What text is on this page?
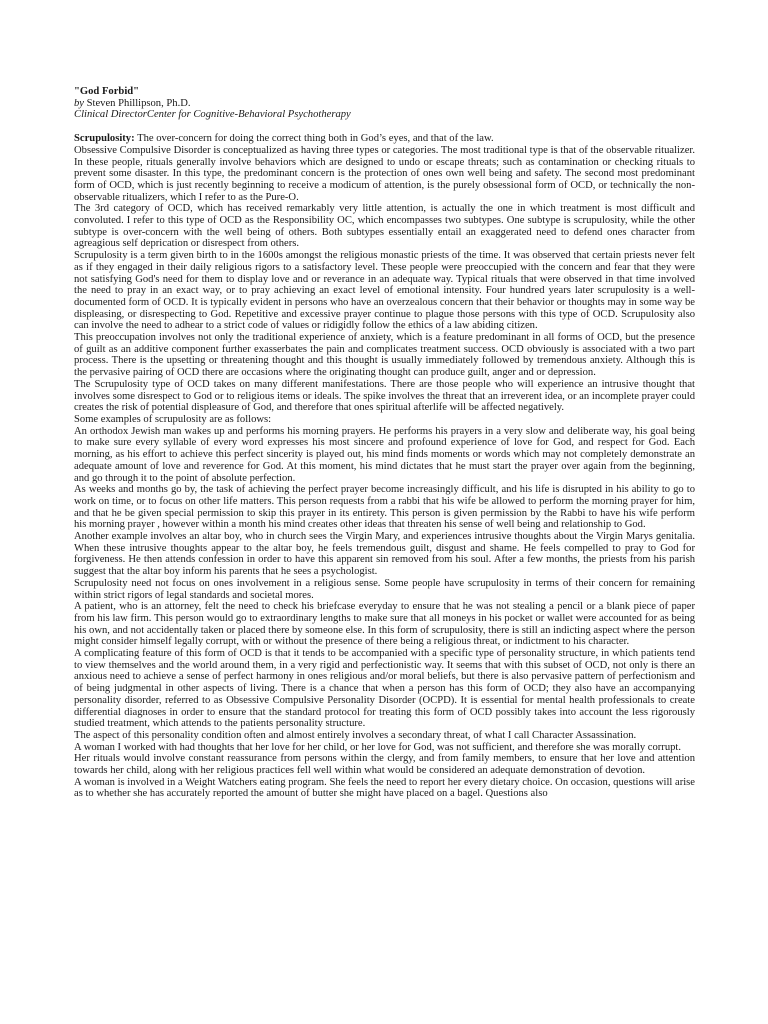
"God Forbid"
by Steven Phillipson, Ph.D.
Clinical DirectorCenter for Cognitive-Behavioral Psychotherapy

Scrupulosity: The over-concern for doing the correct thing both in God’s eyes, and that of the law.

Obsessive Compulsive Disorder is conceptualized as having three types or categories. The most traditional type is that of the observable ritualizer. In these people, rituals generally involve behaviors which are designed to undo or escape threats; such as contamination or checking rituals to prevent some disaster. In this type, the predominant concern is the protection of ones own well being and safety. The second most predominant form of OCD, which is just recently beginning to receive a modicum of attention, is the purely obsessional form of OCD, or technically the non-observable ritualizers, which I refer to as the Pure-O.

The 3rd category of OCD, which has received remarkably very little attention, is actually the one in which treatment is most difficult and convoluted. I refer to this type of OCD as the Responsibility OC, which encompasses two subtypes. One subtype is scrupulosity, while the other subtype is over-concern with the well being of others. Both subtypes essentially entail an exaggerated need to defend ones character from agreagious self deprication or disrespect from others.

Scrupulosity is a term given birth to in the 1600s amongst the religious monastic priests of the time. It was observed that certain priests never felt as if they engaged in their daily religious rigors to a satisfactory level. These people were preoccupied with the concern and fear that they were not satisfying God's need for them to display love and or reverance in an adequate way. Typical rituals that were observed in that time involved the need to pray in an exact way, or to pray achieving an exact level of emotional intensity. Four hundred years later scrupulosity is a well-documented form of OCD. It is typically evident in persons who have an overzealous concern that their behavior or thoughts may in some way be displeasing, or disrespecting to God. Repetitive and excessive prayer continue to plague those persons with this type of OCD. Scrupulosity also can involve the need to adhear to a strict code of values or ridigidly follow the ethics of a law abiding citizen.

This preoccupation involves not only the traditional experience of anxiety, which is a feature predominant in all forms of OCD, but the presence of guilt as an additive component further exasserbates the pain and complicates treatment success. OCD obviously is associated with a two part process. There is the upsetting or threatening thought and this thought is usually immediately followed by tremendous anxiety. Although this is the pervasive pairing of OCD there are occasions where the originating thought can produce guilt, anger and or depression.

The Scrupulosity type of OCD takes on many different manifestations. There are those people who will experience an intrusive thought that involves some disrespect to God or to religious items or ideals. The spike involves the threat that an irreverent idea, or an incomplete prayer could creates the risk of potential displeasure of God, and therefore that ones spiritual afterlife will be affected negatively.

Some examples of scrupulosity are as follows:

An orthodox Jewish man wakes up and performs his morning prayers. He performs his prayers in a very slow and deliberate way, his goal being to make sure every syllable of every word expresses his most sincere and profound experience of love for God, and respect for God. Each morning, as his effort to achieve this perfect sincerity is played out, his mind finds moments or words which may not completely demonstrate an adequate amount of love and reverence for God. At this moment, his mind dictates that he must start the prayer over again from the beginning, and go through it to the point of absolute perfection.

As weeks and months go by, the task of achieving the perfect prayer become increasingly difficult, and his life is disrupted in his ability to go to work on time, or to focus on other life matters. This person requests from a rabbi that his wife be allowed to perform the morning prayer for him, and that he be given special permission to skip this prayer in its entirety. This person is given permission by the Rabbi to have his wife perform his morning prayer , however within a month his mind creates other ideas that threaten his sense of well being and relationship to God.

Another example involves an altar boy, who in church sees the Virgin Mary, and experiences intrusive thoughts about the Virgin Marys genitalia. When these intrusive thoughts appear to the altar boy, he feels tremendous guilt, disgust and shame. He feels compelled to pray to God for forgiveness. He then attends confession in order to have this apparent sin removed from his soul. After a few months, the priests from his parish suggest that the altar boy inform his parents that he sees a psychologist.

Scrupulosity need not focus on ones involvement in a religious sense. Some people have scrupulosity in terms of their concern for remaining within strict rigors of legal standards and societal mores.

A patient, who is an attorney, felt the need to check his briefcase everyday to ensure that he was not stealing a pencil or a blank piece of paper from his law firm. This person would go to extraordinary lengths to make sure that all moneys in his pocket or wallet were accounted for as being his own, and not accidentally taken or placed there by someone else. In this form of scrupulosity, there is still an indicting aspect where the person might consider himself legally corrupt, with or without the presence of there being a religious threat, or indictment to his character.

A complicating feature of this form of OCD is that it tends to be accompanied with a specific type of personality structure, in which patients tend to view themselves and the world around them, in a very rigid and perfectionistic way. It seems that with this subset of OCD, not only is there an anxious need to achieve a sense of perfect harmony in ones religious and/or moral beliefs, but there is also pervasive pattern of perfectionism and of being judgmental in other aspects of living. There is a chance that when a person has this form of OCD; they also have an accompanying personality disorder, referred to as Obsessive Compulsive Personality Disorder (OCPD). It is essential for mental health professionals to create differential diagnoses in order to ensure that the standard protocol for treating this form of OCD possibly takes into account the less rigorously studied treatment, which attends to the patients personality structure.

The aspect of this personality condition often and almost entirely involves a secondary threat, of what I call Character Assassination.

A woman I worked with had thoughts that her love for her child, or her love for God, was not sufficient, and therefore she was morally corrupt.

Her rituals would involve constant reassurance from persons within the clergy, and from family members, to ensure that her love and attention towards her child, along with her religious practices fell well within what would be considered an adequate demonstration of devotion.

A woman is involved in a Weight Watchers eating program. She feels the need to report her every dietary choice. On occasion, questions will arise as to whether she has accurately reported the amount of butter she might have placed on a bagel. Questions also
